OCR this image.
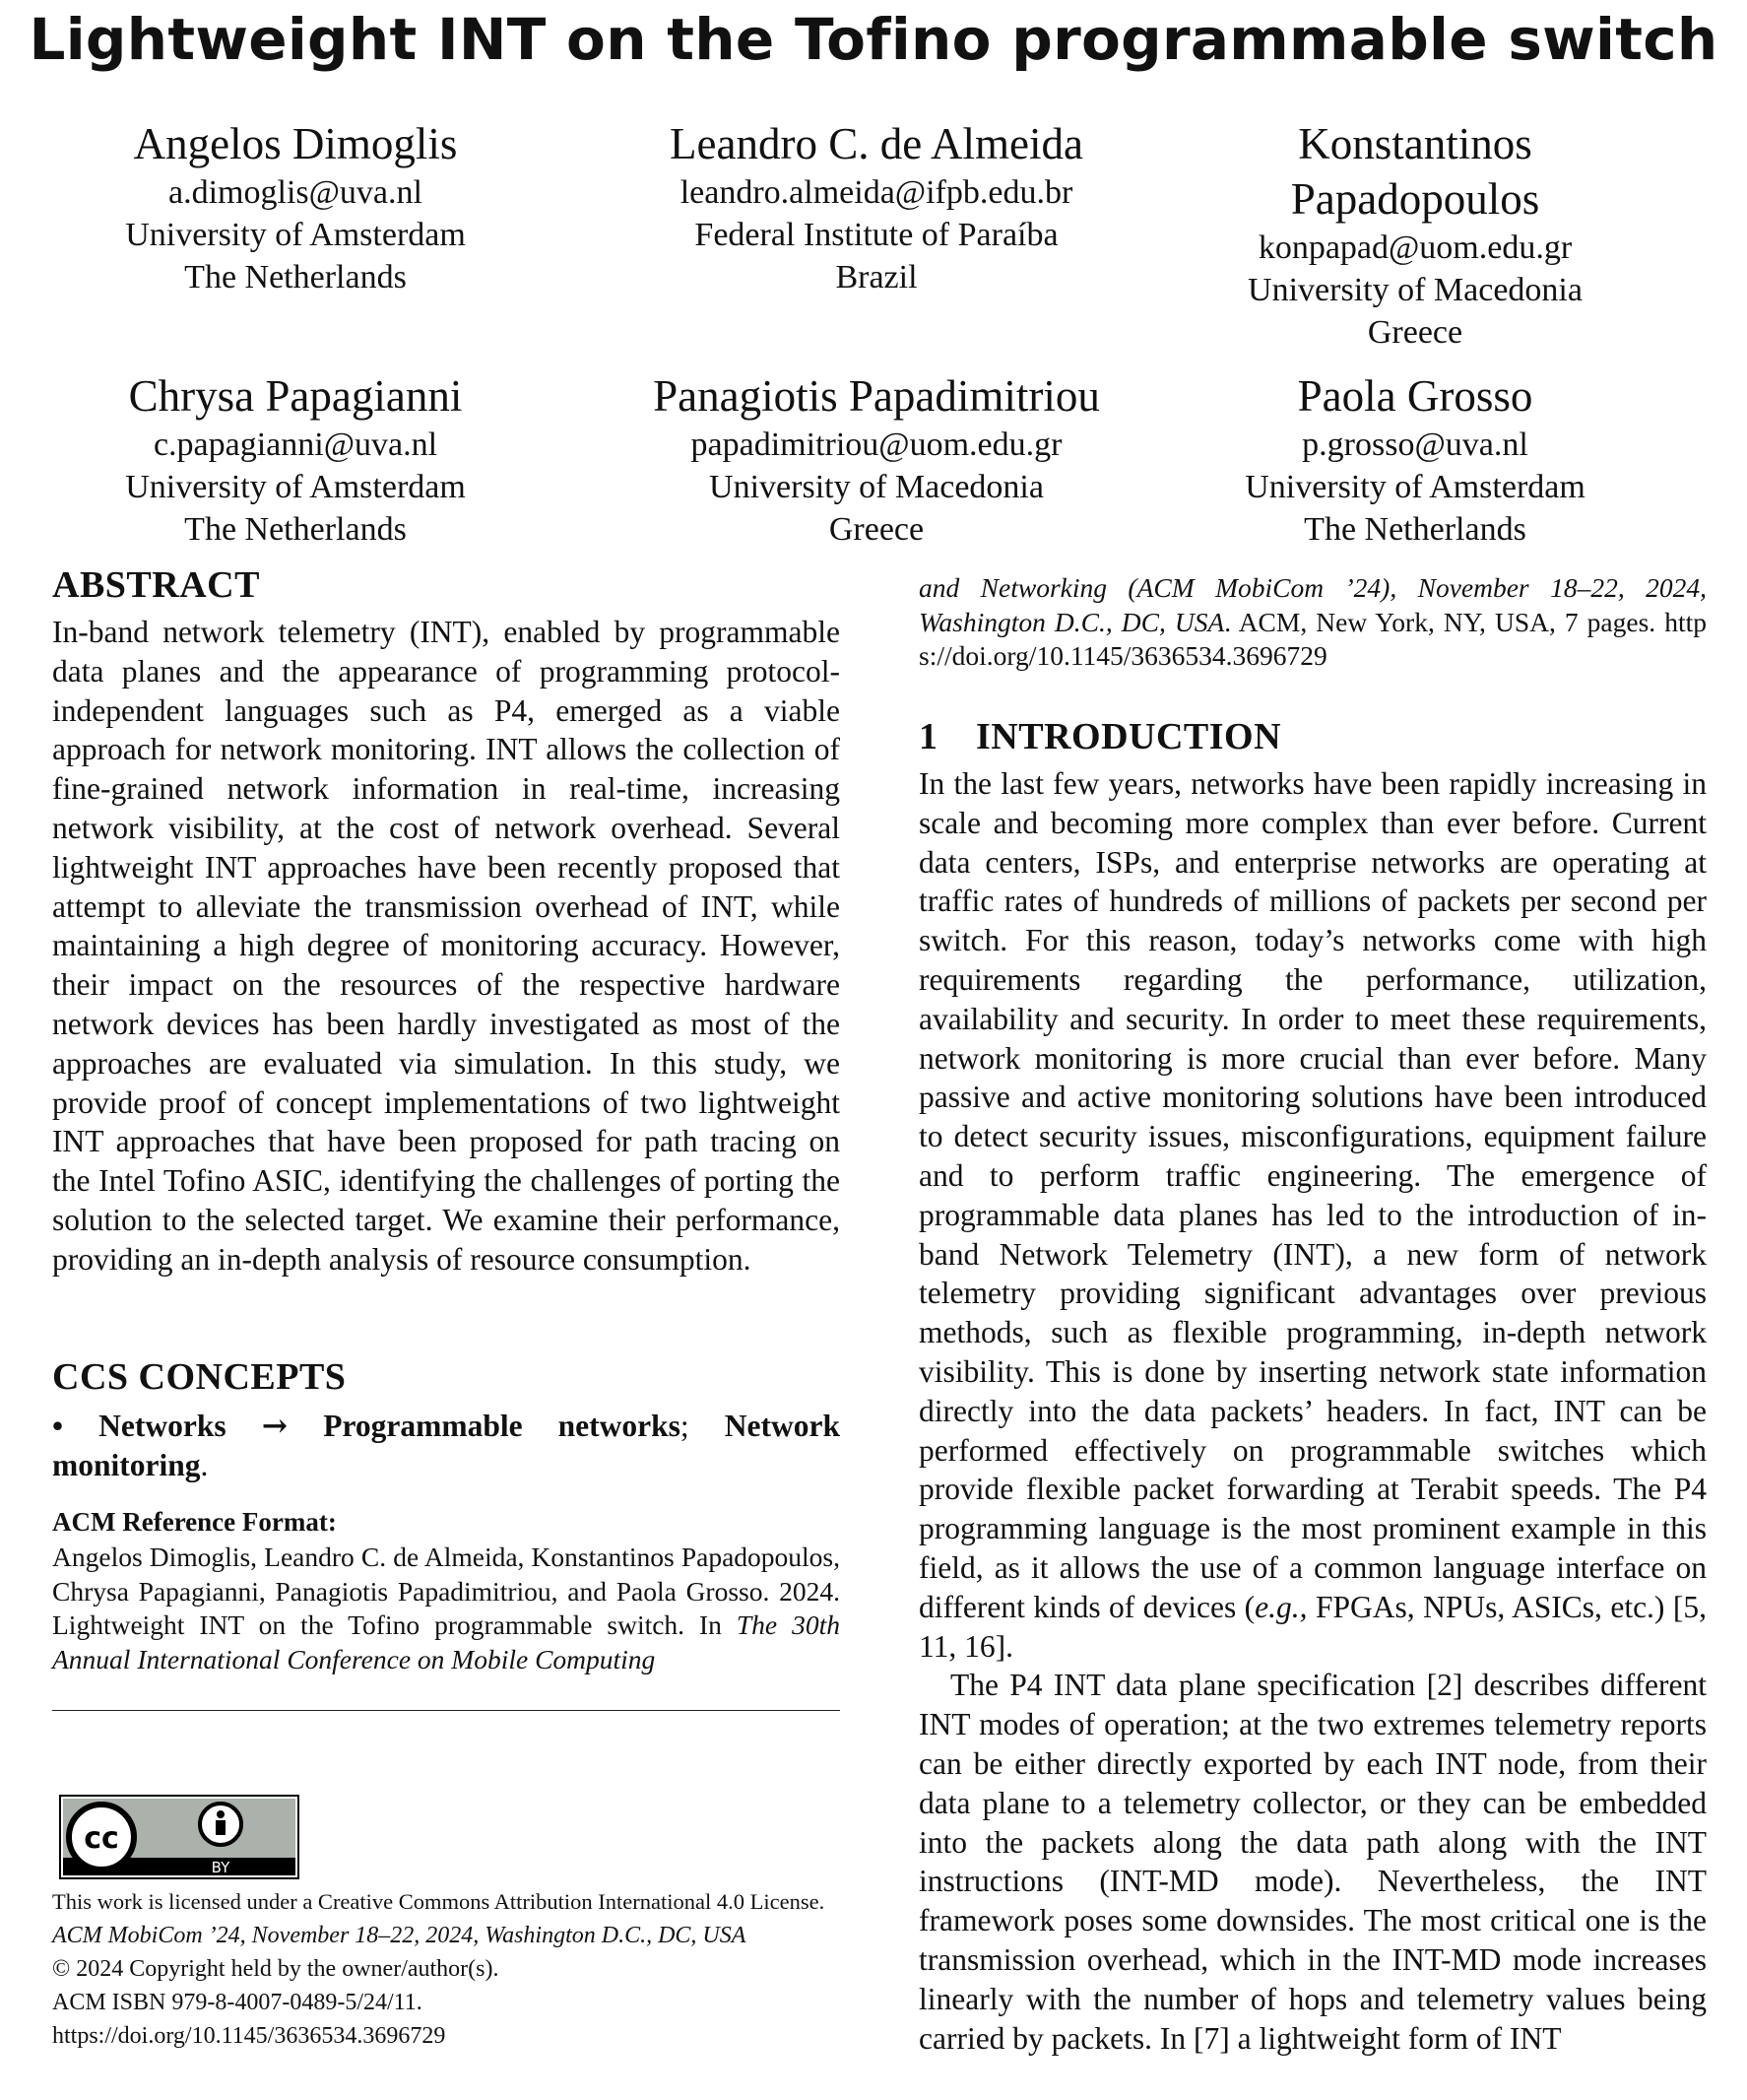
Lightweight INT on the Tofino programmable switch
Angelos Dimoglis
a.dimoglis@uva.nl
University of Amsterdam
The Netherlands
Leandro C. de Almeida
leandro.almeida@ifpb.edu.br
Federal Institute of Paraíba
Brazil
Konstantinos
Papadopoulos
konpapad@uom.edu.gr
University of Macedonia
Greece
Chrysa Papagianni
c.papagianni@uva.nl
University of Amsterdam
The Netherlands
Panagiotis Papadimitriou
papadimitriou@uom.edu.gr
University of Macedonia
Greece
Paola Grosso
p.grosso@uva.nl
University of Amsterdam
The Netherlands
ABSTRACT

In-band network telemetry (INT), enabled by programmable data planes and the appearance of programming protocol-independent languages such as P4, emerged as a viable approach for network monitoring. INT allows the collection of fine-grained network information in real-time, increasing network visibility, at the cost of network overhead. Several lightweight INT approaches have been recently proposed that attempt to alleviate the transmission overhead of INT, while maintaining a high degree of monitoring accuracy. However, their impact on the resources of the respective hardware network devices has been hardly investigated as most of the approaches are evaluated via simulation. In this study, we provide proof of concept implementations of two lightweight INT approaches that have been proposed for path tracing on the Intel Tofino ASIC, identifying the challenges of porting the solution to the selected target. We examine their performance, providing an in-depth analysis of resource consumption.

CCS CONCEPTS

• Networks → Programmable networks; Network monitoring.

ACM Reference Format:
Angelos Dimoglis, Leandro C. de Almeida, Konstantinos Papadopoulos, Chrysa Papagianni, Panagiotis Papadimitriou, and Paola Grosso. 2024. Lightweight INT on the Tofino programmable switch. In The 30th Annual International Conference on Mobile Computing
cc
BY
This work is licensed under a Creative Commons Attribution International 4.0 License.
ACM MobiCom ’24, November 18–22, 2024, Washington D.C., DC, USA
© 2024 Copyright held by the owner/author(s).
ACM ISBN 979-8-4007-0489-5/24/11.
https://doi.org/10.1145/3636534.3696729
and Networking (ACM MobiCom ’24), November 18–22, 2024, Washington D.C., DC, USA. ACM, New York, NY, USA, 7 pages. https://doi.org/10.1145/3636534.3696729
1 INTRODUCTION

In the last few years, networks have been rapidly increasing in scale and becoming more complex than ever before. Current data centers, ISPs, and enterprise networks are operating at traffic rates of hundreds of millions of packets per second per switch. For this reason, today’s networks come with high requirements regarding the performance, utilization, availability and security. In order to meet these requirements, network monitoring is more crucial than ever before. Many passive and active monitoring solutions have been introduced to detect security issues, misconfigurations, equipment failure and to perform traffic engineering. The emergence of programmable data planes has led to the introduction of in-band Network Telemetry (INT), a new form of network telemetry providing significant advantages over previous methods, such as flexible programming, in-depth network visibility. This is done by inserting network state information directly into the data packets’ headers. In fact, INT can be performed effectively on programmable switches which provide flexible packet forwarding at Terabit speeds. The P4 programming language is the most prominent example in this field, as it allows the use of a common language interface on different kinds of devices (e.g., FPGAs, NPUs, ASICs, etc.) [5, 11, 16].

The P4 INT data plane specification [2] describes different INT modes of operation; at the two extremes telemetry reports can be either directly exported by each INT node, from their data plane to a telemetry collector, or they can be embedded into the packets along the data path along with the INT instructions (INT-MD mode). Nevertheless, the INT framework poses some downsides. The most critical one is the transmission overhead, which in the INT-MD mode increases linearly with the number of hops and telemetry values being carried by packets. In [7] a lightweight form of INT
